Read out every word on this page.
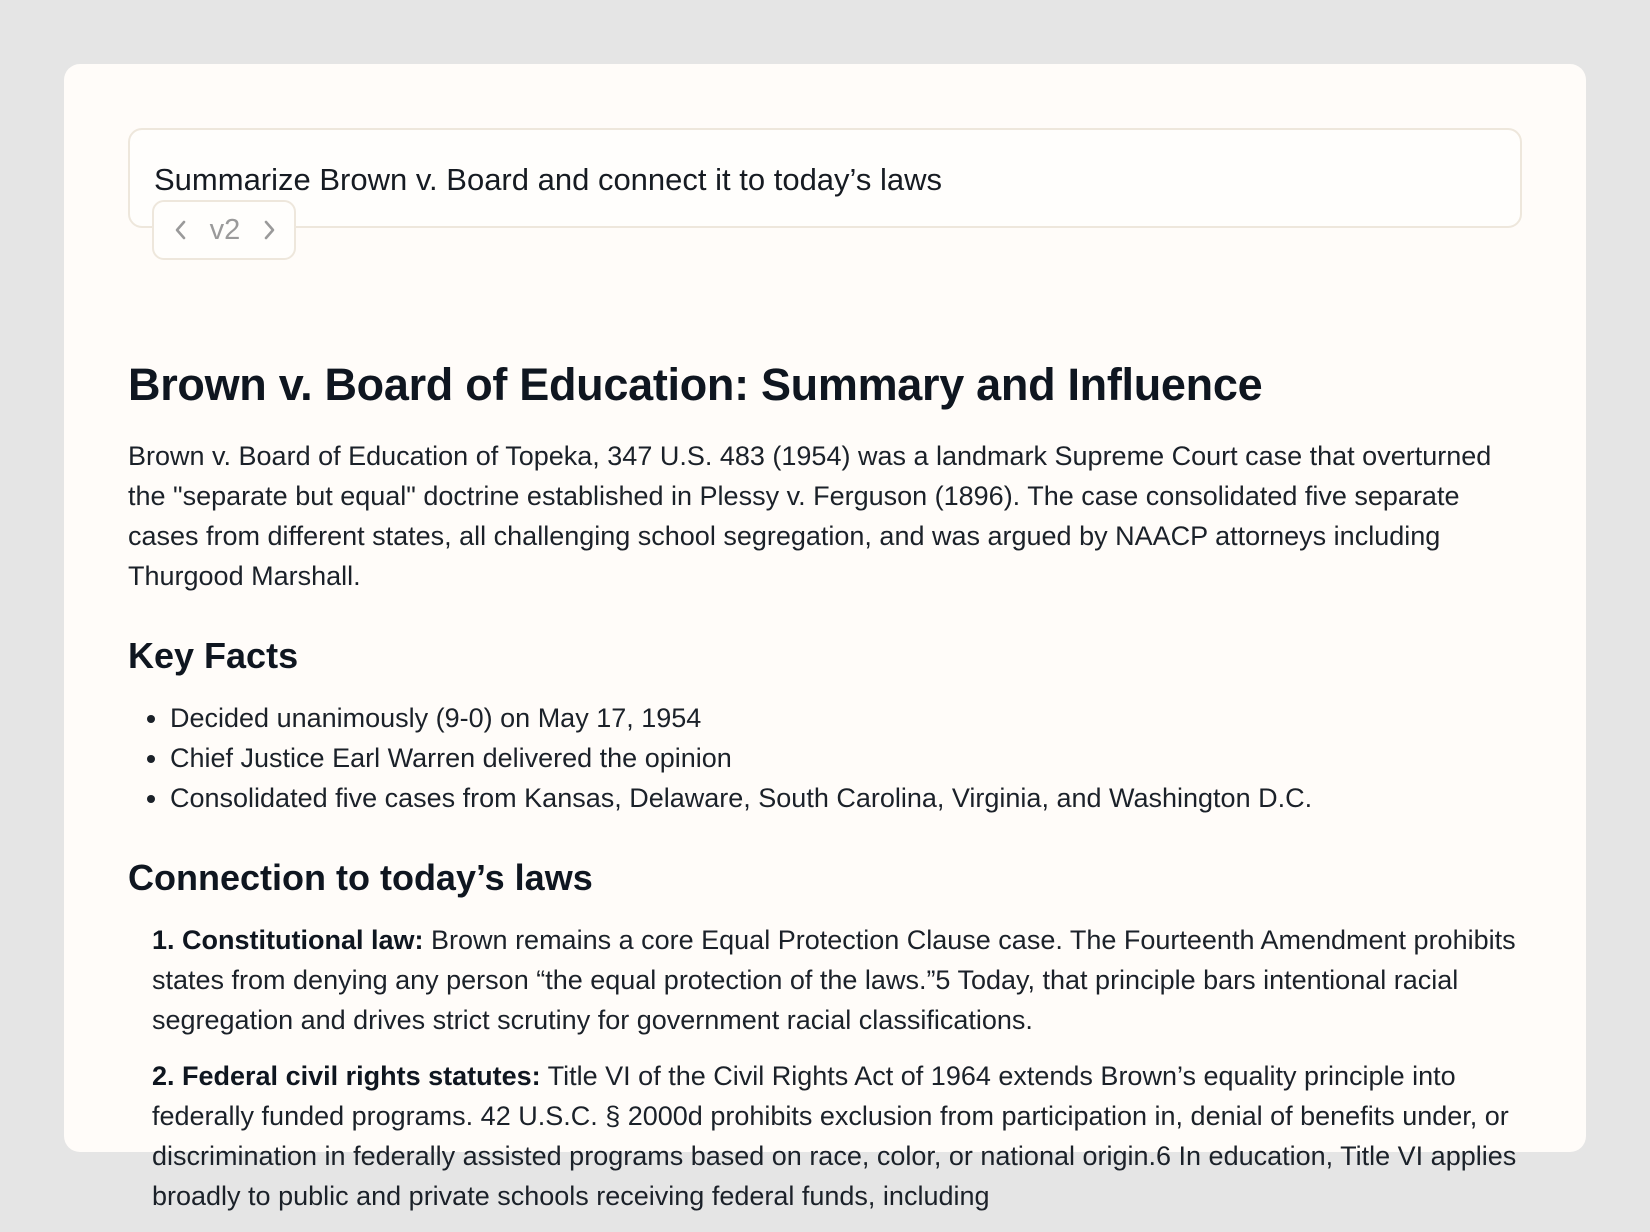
Summarize Brown v. Board and connect it to today’s laws
v2
Brown v. Board of Education: Summary and Influence

Brown v. Board of Education of Topeka, 347 U.S. 483 (1954) was a landmark Supreme Court case that overturned the "separate but equal" doctrine established in Plessy v. Ferguson (1896). The case consolidated five separate cases from different states, all challenging school segregation, and was argued by NAACP attorneys including Thurgood Marshall.

Key Facts
• Decided unanimously (9-0) on May 17, 1954
• Chief Justice Earl Warren delivered the opinion
• Consolidated five cases from Kansas, Delaware, South Carolina, Virginia, and Washington D.C.
Connection to today’s laws
1. Constitutional law: Brown remains a core Equal Protection Clause case. The Fourteenth Amendment prohibits states from denying any person “the equal protection of the laws.”5 Today, that principle bars intentional racial segregation and drives strict scrutiny for government racial classifications.
2. Federal civil rights statutes: Title VI of the Civil Rights Act of 1964 extends Brown’s equality principle into federally funded programs. 42 U.S.C. § 2000d prohibits exclusion from participation in, denial of benefits under, or discrimination in federally assisted programs based on race, color, or national origin.6 In education, Title VI applies broadly to public and private schools receiving federal funds, including
